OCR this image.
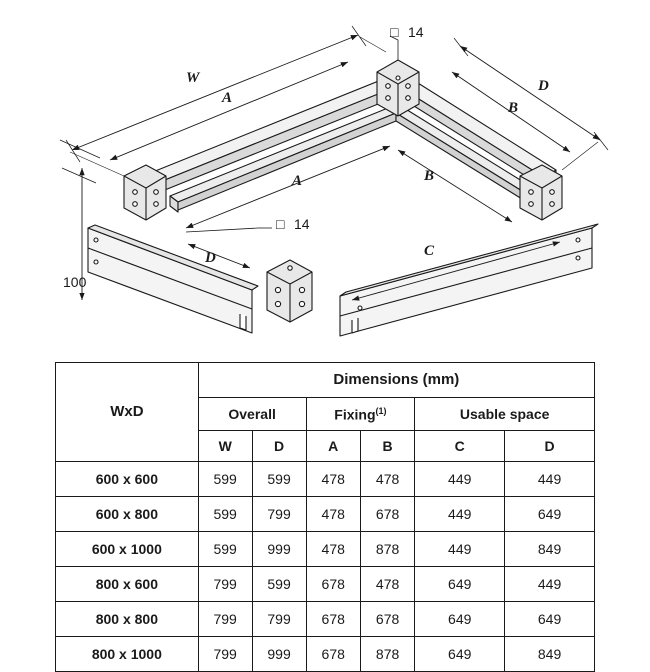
W
A
D
B
A	B
C
D
100
□ 14
□ 14
WxD	Dimensions (mm)					
	Overall		Fixing$^{(1)}$		Usable space	
	W	D	A	B	C	D
600 x 600	599	599	478	478	449	449
600 x 800	599	799	478	678	449	649
600 x 1000	599	999	478	878	449	849
800 x 600	799	599	678	478	649	449
800 x 800	799	799	678	678	649	649
800 x 1000	799	999	678	878	649	849
